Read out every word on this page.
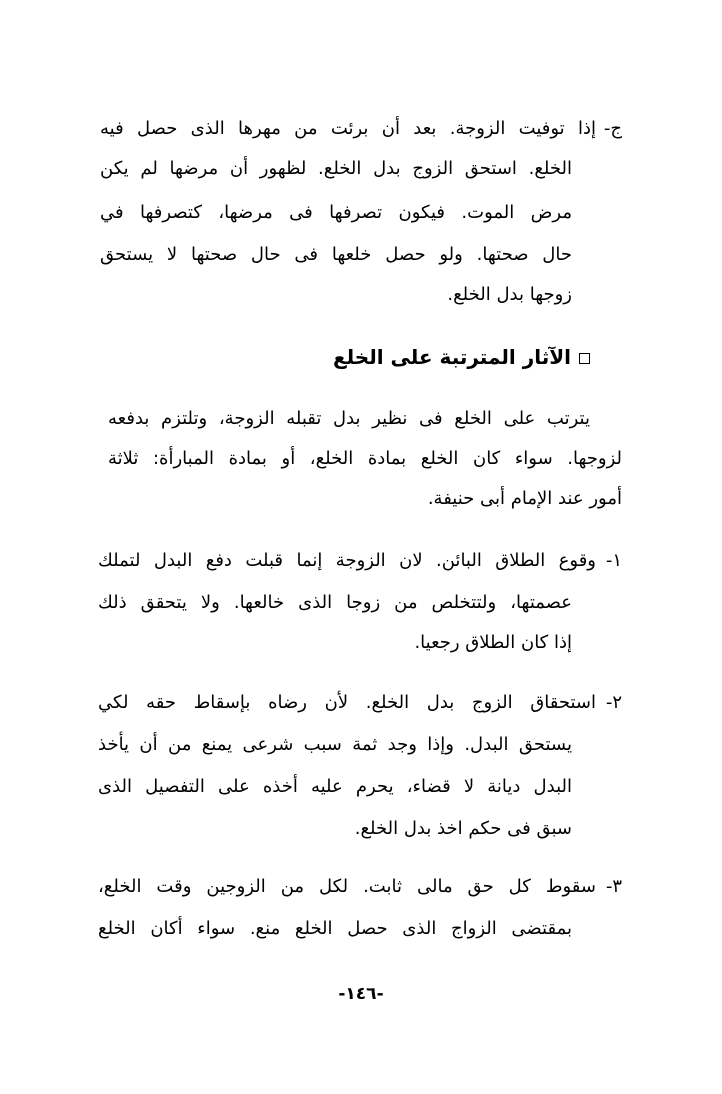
ج-
إذا توفيت الزوجة. بعد أن برئت من مهرها الذى حصل فيه
الخلع. استحق الزوج بدل الخلع. لظهور أن مرضها لم يكن
مرض الموت. فيكون تصرفها فى مرضها، كتصرفها في
حال صحتها. ولو حصل خلعها فى حال صحتها لا يستحق
زوجها بدل الخلع.
الآثار المترتبة على الخلع
يترتب على الخلع فى نظير بدل تقبله الزوجة، وتلتزم بدفعه
لزوجها. سواء كان الخلع بمادة الخلع، أو بمادة المبارأة: ثلاثة
أمور عند الإمام أبى حنيفة.
١-
وقوع الطلاق البائن. لان الزوجة إنما قبلت دفع البدل لتملك
عصمتها، ولتتخلص من زوجا الذى خالعها. ولا يتحقق ذلك
إذا كان الطلاق رجعيا.
٢-
استحقاق الزوج بدل الخلع. لأن رضاه بإسقاط حقه لكي
يستحق البدل. وإذا وجد ثمة سبب شرعى يمنع من أن يأخذ
البدل ديانة لا قضاء، يحرم عليه أخذه على التفصيل الذى
سبق فى حكم اخذ بدل الخلع.
٣-
سقوط كل حق مالى ثابت. لكل من الزوجين وقت الخلع،
بمقتضى الزواج الذى حصل الخلع منع. سواء أكان الخلع
-١٤٦-
